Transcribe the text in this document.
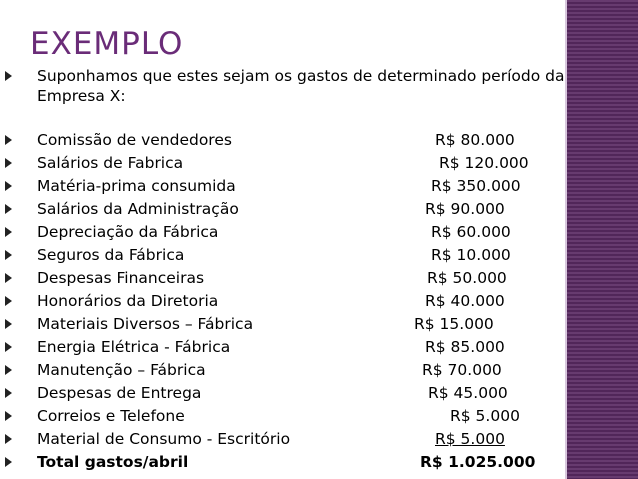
EXEMPLO
Suponhamos que estes sejam os gastos de determinado período da
Empresa X:
Comissão de vendedores	R$ 80.000
Salários de Fabrica	R$ 120.000
Matéria-prima consumida	R$ 350.000
Salários da Administração	R$ 90.000
Depreciação da Fábrica	R$ 60.000
Seguros da Fábrica	R$ 10.000
Despesas Financeiras	R$ 50.000
Honorários da Diretoria	R$ 40.000
Materiais Diversos – Fábrica	R$ 15.000
Energia Elétrica - Fábrica	R$ 85.000
Manutenção – Fábrica	R$ 70.000
Despesas de Entrega	R$ 45.000
Correios e Telefone	R$ 5.000
Material de Consumo - Escritório	R$ 5.000
Total gastos/abril	R$ 1.025.000
